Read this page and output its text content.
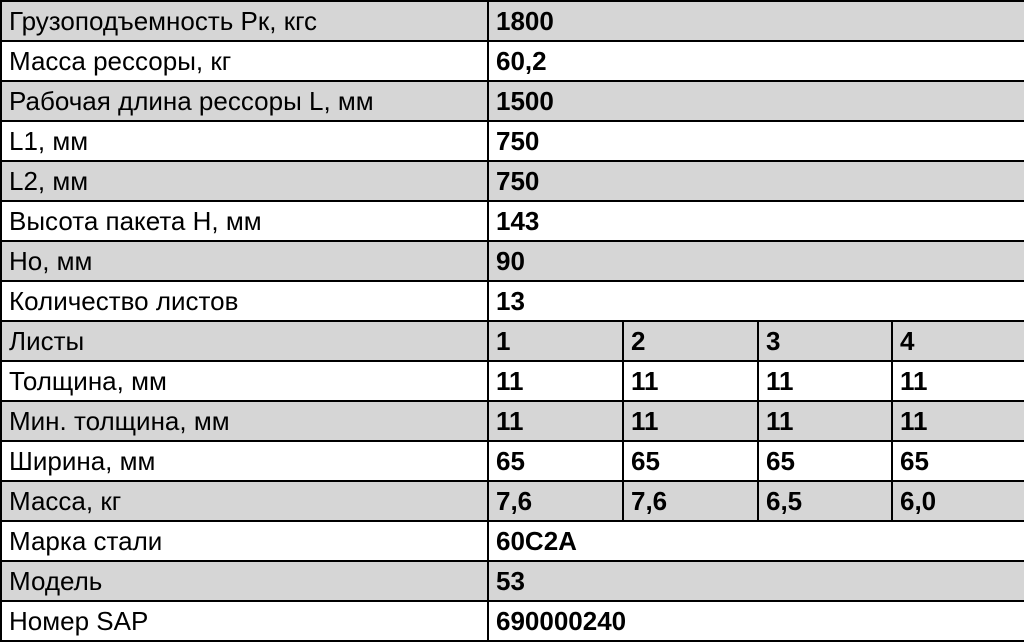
Грузоподъемность Pк, кгс	1800			
Масса рессоры, кг	60,2			
Рабочая длина рессоры L, мм	1500			
L1, мм	750			
L2, мм	750			
Высота пакета H, мм	143			
Ho, мм	90			
Количество листов	13			
Листы	1	2	3	4
Толщина, мм	11	11	11	11
Мин. толщина, мм	11	11	11	11
Ширина, мм	65	65	65	65
Масса, кг	7,6	7,6	6,5	6,0
Марка стали	60C2A			
Модель	53			
Номер SAP	690000240			
